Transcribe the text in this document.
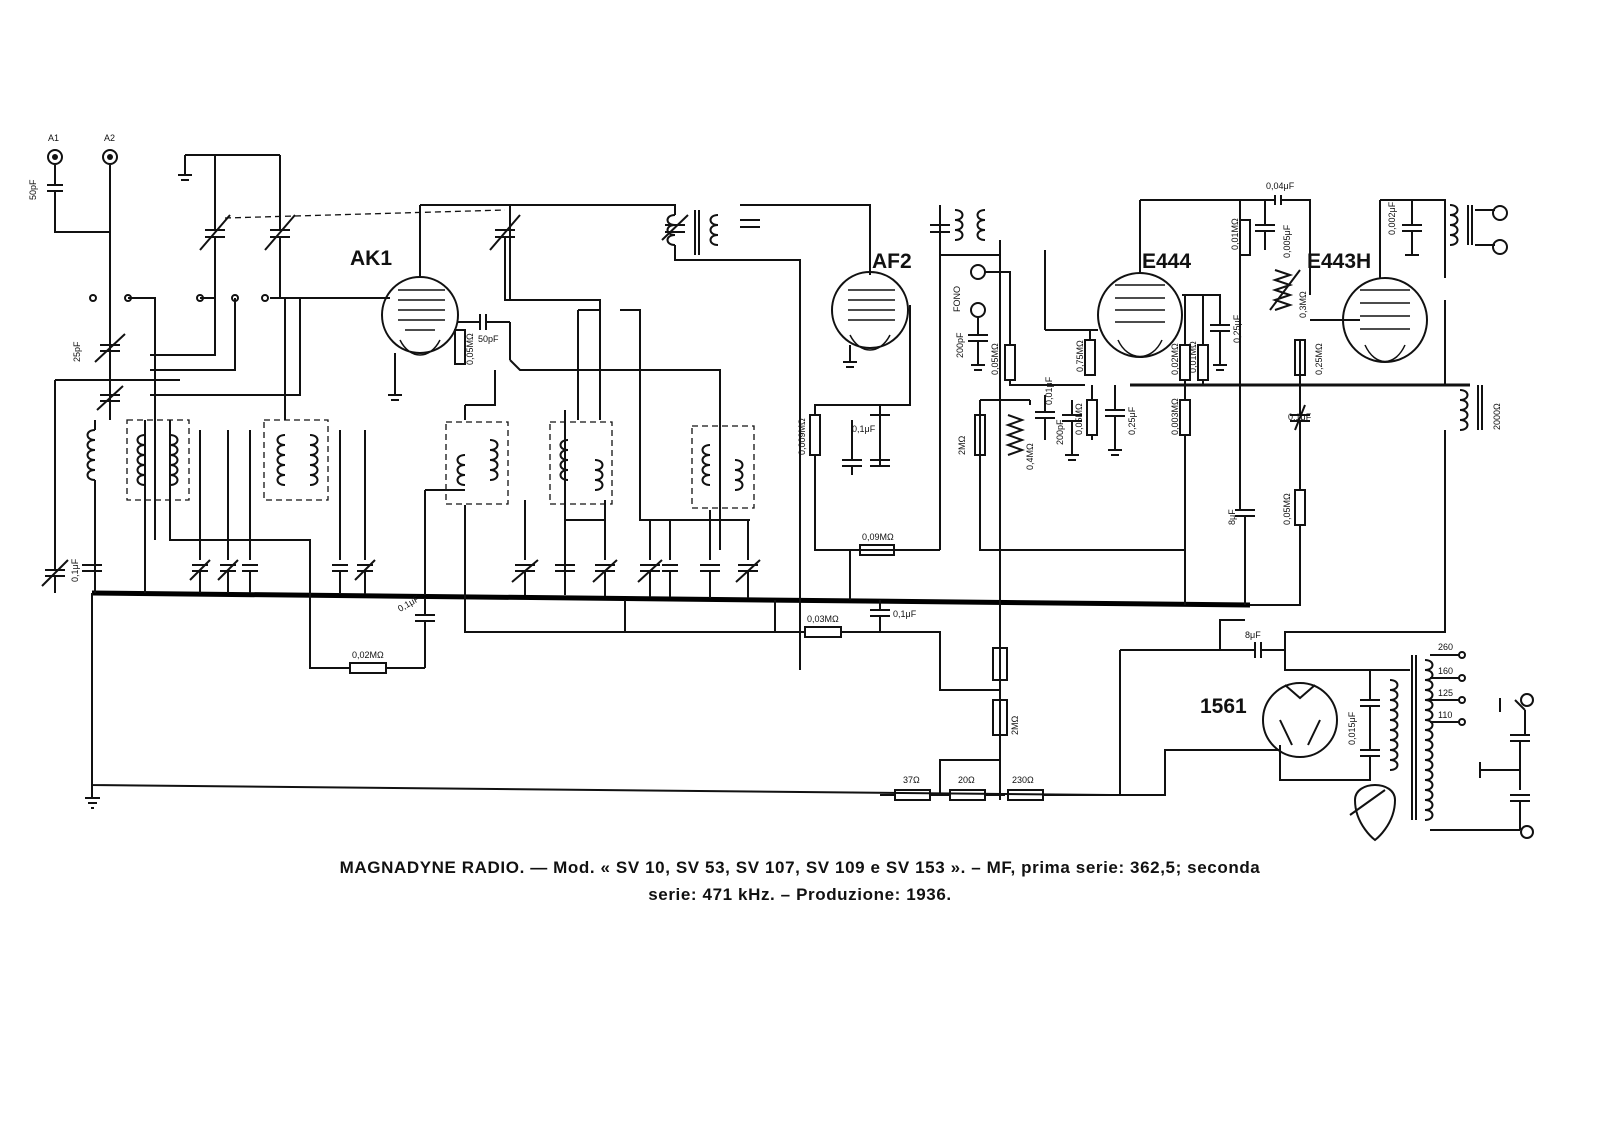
A1	A2
50pF
25pF
0,1μF
AK1
50pF
0,05MΩ
AF2
0,009MΩ	0,1μF
0,09MΩ
0,1μF
0,02MΩ
0,03MΩ	0,1μF
FONO
200pF	0,05MΩ
2MΩ	0,4MΩ
0,01μF
200pF 0,05MΩ	0,25μF
2MΩ
E444
0,75MΩ
0,25μF
0,02MΩ 0,01MΩ
0,003MΩ
E443H
0,01MΩ
0,04μF
0,005μF
0,3MΩ
0,25MΩ
0,002μF
2000Ω
0,1μF
0,05MΩ
8μF
8μF
1561
0,015μF
260
160
125
110
37Ω	20Ω	230Ω
MAGNADYNE RADIO. — Mod. « SV 10, SV 53, SV 107, SV 109 e SV 153 ». – MF, prima serie: 362,5; seconda
serie: 471 kHz. – Produzione: 1936.
